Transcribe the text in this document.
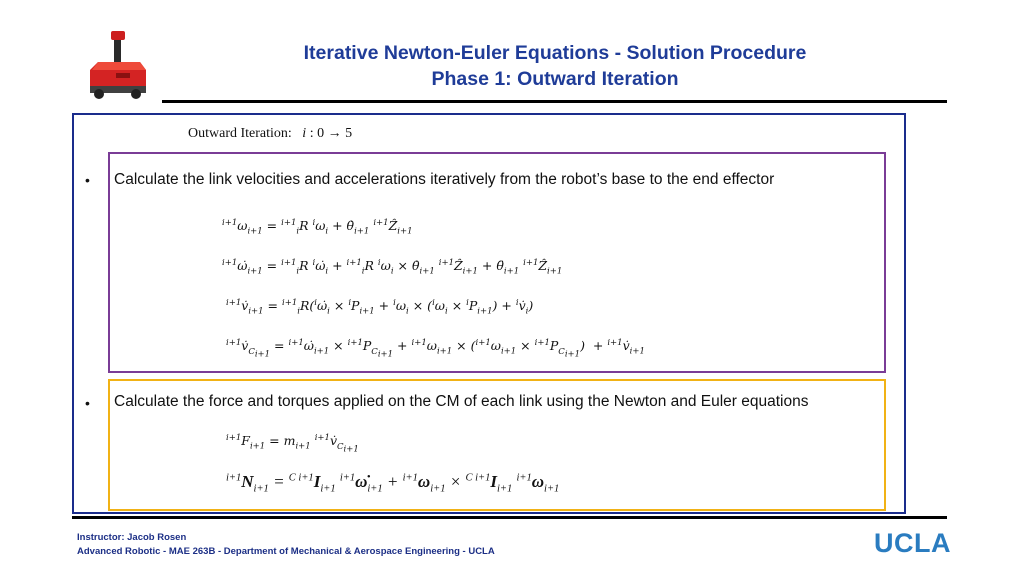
Iterative Newton-Euler Equations - Solution Procedure
Phase 1: Outward Iteration
Outward Iteration: i : 0 → 5
• Calculate the link velocities and accelerations iteratively from the robot’s base to the end effector
$^{i+1}\omega_{i+1} = ^{i+1}_iR$ $^i\omega_i$ + $\thetȧ_{i+1}$ $^{i+1}$Ẑ$_{i+1}$
$^{i+1}\omegȧ_{i+1} = ^{i+1}_iR$ $^i\omegȧ_i + ^{i+1}_iR$ $^i\omega_i$ × $\thetȧ_{i+1}$ $^{i+1}$Ẑ$_{i+1}$ + $\thetä_{i+1}$ $^{i+1}$Ẑ$_{i+1}$
$^{i+1}v̇_{i+1}$ = $^{i+1}_iR(^i\omegȧ_i \times ^iP_{i+1} + ^i\omega_i \times (^i\omega_i \times ^iP_{i+1})$ + $^iv̇_i$)
$^{i+1}v̇_{C_{i+1}}$ = $^{i+1}\omegȧ_{i+1} \times ^{i+1}P_{C_{i+1}} + ^{i+1}\omega_{i+1} \times (^{i+1}\omega_{i+1} \times ^{i+1}P_{C_{i+1}})$  + $^{i+1}v̇_{i+1}$
• Calculate the force and torques applied on the CM of each link using the Newton and Euler equations
$^{i+1}F_{i+1} = m_{i+1}$ $^{i+1}v̇_{C_{i+1}}$
$^{i+1}N_{i+1} = ^{C i+1}I_{i+1}$ $^{i+1}\omegȧ_{i+1} + ^{i+1}\omega_{i+1} \times ^{C i+1}I_{i+1}$ $^{i+1}\omega_{i+1}$
Instructor: Jacob Rosen
Advanced Robotic - MAE 263B - Department of Mechanical & Aerospace Engineering - UCLA	UCLA
